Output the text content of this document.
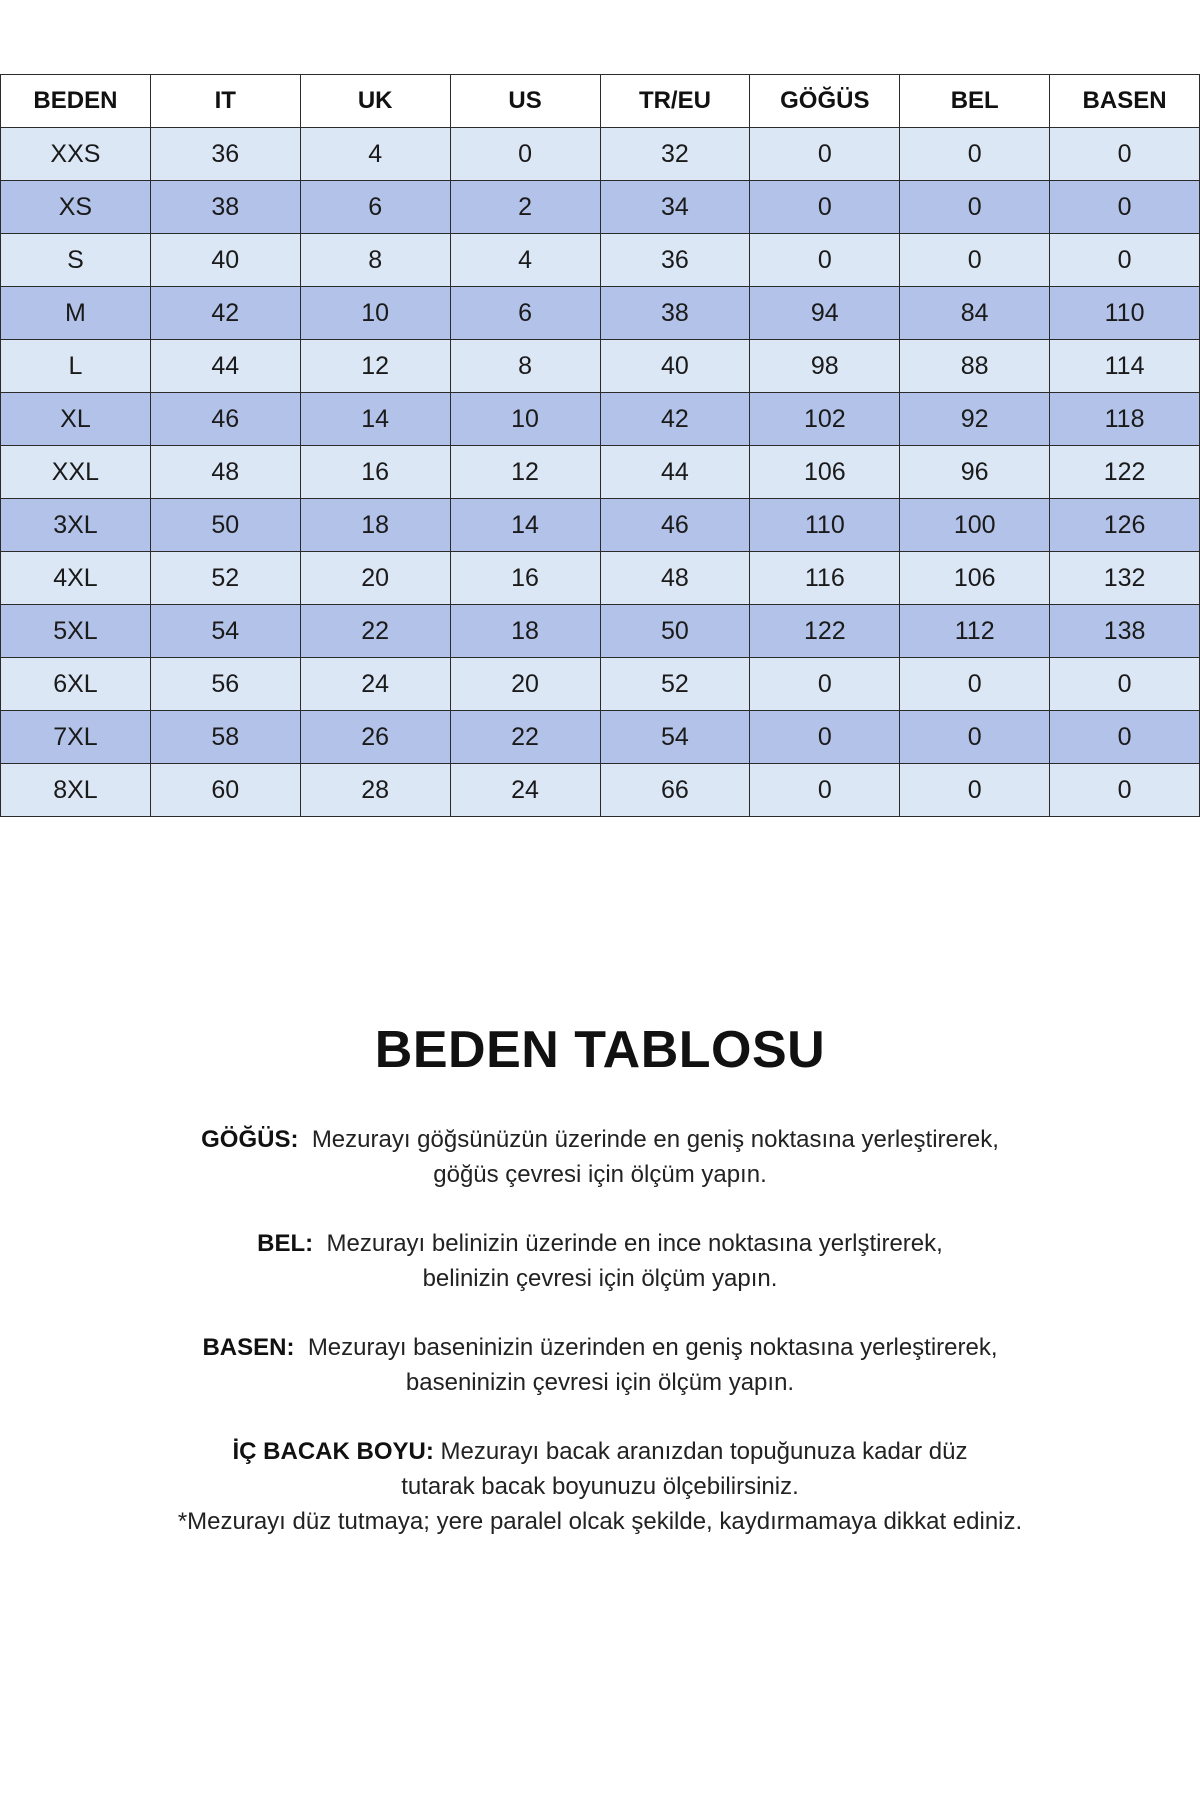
BEDEN	IT	UK	US	TR/EU	GÖĞÜS	BEL	BASEN
XXS	36	4	0	32	0	0	0
XS	38	6	2	34	0	0	0
S	40	8	4	36	0	0	0
M	42	10	6	38	94	84	110
L	44	12	8	40	98	88	114
XL	46	14	10	42	102	92	118
XXL	48	16	12	44	106	96	122
3XL	50	18	14	46	110	100	126
4XL	52	20	16	48	116	106	132
5XL	54	22	18	50	122	112	138
6XL	56	24	20	52	0	0	0
7XL	58	26	22	54	0	0	0
8XL	60	28	24	66	0	0	0
BEDEN TABLOSU

GÖĞÜS: Mezurayı göğsünüzün üzerinde en geniş noktasına yerleştirerek,

göğüs çevresi için ölçüm yapın.

BEL: Mezurayı belinizin üzerinde en ince noktasına yerlştirerek,

belinizin çevresi için ölçüm yapın.

BASEN: Mezurayı baseninizin üzerinden en geniş noktasına yerleştirerek,

baseninizin çevresi için ölçüm yapın.

İÇ BACAK BOYU: Mezurayı bacak aranızdan topuğunuza kadar düz

tutarak bacak boyunuzu ölçebilirsiniz.

*Mezurayı düz tutmaya; yere paralel olcak şekilde, kaydırmamaya dikkat ediniz.
